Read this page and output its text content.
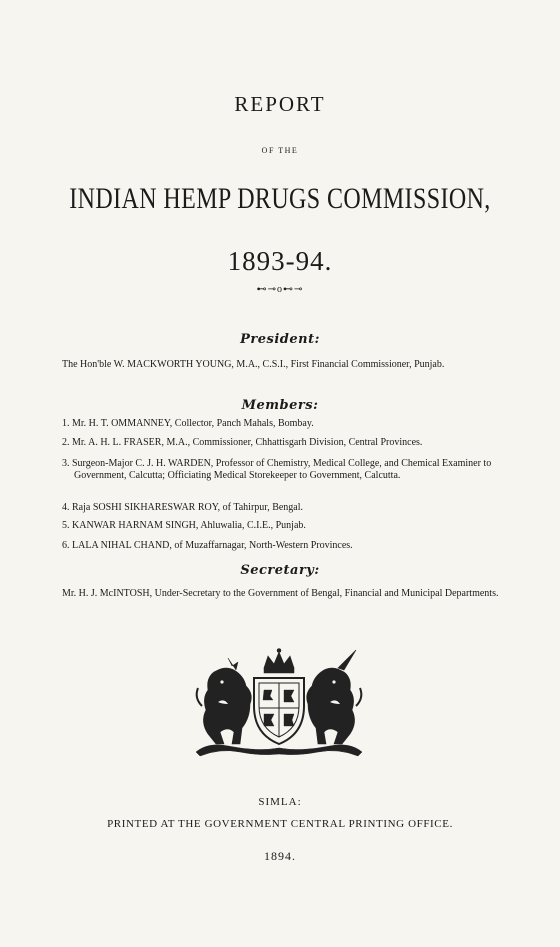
REPORT
OF THE
INDIAN HEMP DRUGS COMMISSION,
1893-94.
⊷⊸o⊷⊸
President:
The Hon'ble W. MACKWORTH YOUNG, M.A., C.S.I., First Financial Commissioner, Punjab.
Members:
1. Mr. H. T. OMMANNEY, Collector, Panch Mahals, Bombay.
2. Mr. A. H. L. FRASER, M.A., Commissioner, Chhattisgarh Division, Central Provinces.
3. Surgeon-Major C. J. H. WARDEN, Professor of Chemistry, Medical College, and Chemical Examiner to Government, Calcutta; Officiating Medical Storekeeper to Government, Calcutta.
4. Raja SOSHI SIKHARESWAR ROY, of Tahirpur, Bengal.
5. KANWAR HARNAM SINGH, Ahluwalia, C.I.E., Punjab.
6. LALA NIHAL CHAND, of Muzaffarnagar, North-Western Provinces.
Secretary:
Mr. H. J. McINTOSH, Under-Secretary to the Government of Bengal, Financial and Municipal Departments.
SIMLA:
PRINTED AT THE GOVERNMENT CENTRAL PRINTING OFFICE.
1894.
